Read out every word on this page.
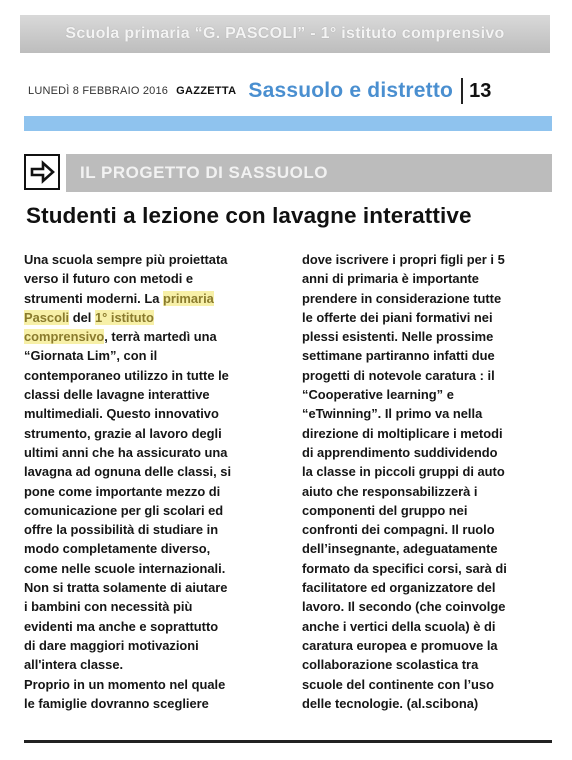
Scuola primaria “G. PASCOLI” - 1° istituto comprensivo
LUNEDÌ 8 FEBBRAIO 2016 GAZZETTA Sassuolo e distretto 13
IL PROGETTO DI SASSUOLO
Studenti a lezione con lavagne interattive

Una scuola sempre più proiettata

verso il futuro con metodi e

strumenti moderni. La primaria

Pascoli del 1° istituto

comprensivo, terrà martedì una

“Giornata Lim”, con il

contemporaneo utilizzo in tutte le

classi delle lavagne interattive

multimediali. Questo innovativo

strumento, grazie al lavoro degli

ultimi anni che ha assicurato una

lavagna ad ognuna delle classi, si

pone come importante mezzo di

comunicazione per gli scolari ed

offre la possibilità di studiare in

modo completamente diverso,

come nelle scuole internazionali.

Non si tratta solamente di aiutare

i bambini con necessità più

evidenti ma anche e soprattutto

di dare maggiori motivazioni

all'intera classe.

Proprio in un momento nel quale

le famiglie dovranno scegliere

dove iscrivere i propri figli per i 5

anni di primaria è importante

prendere in considerazione tutte

le offerte dei piani formativi nei

plessi esistenti. Nelle prossime

settimane partiranno infatti due

progetti di notevole caratura : il

“Cooperative learning” e

“eTwinning”. Il primo va nella

direzione di moltiplicare i metodi

di apprendimento suddividendo

la classe in piccoli gruppi di auto

aiuto che responsabilizzerà i

componenti del gruppo nei

confronti dei compagni. Il ruolo

dell’insegnante, adeguatamente

formato da specifici corsi, sarà di

facilitatore ed organizzatore del

lavoro. Il secondo (che coinvolge

anche i vertici della scuola) è di

caratura europea e promuove la

collaborazione scolastica tra

scuole del continente con l’uso

delle tecnologie. (al.scibona)
